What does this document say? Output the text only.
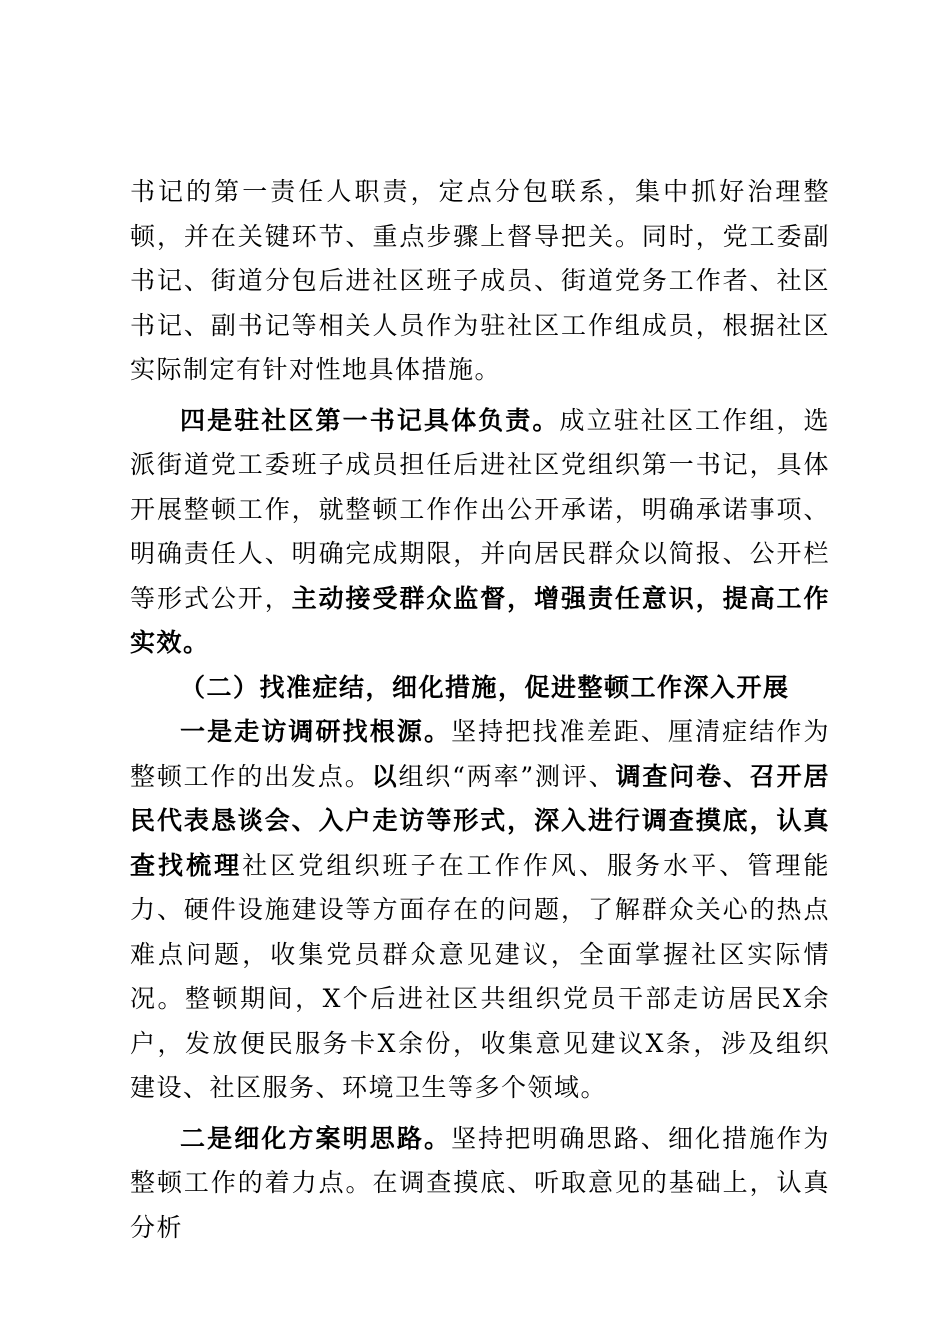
书记的第一责任人职责，定点分包联系，集中抓好治理整顿，并在关键环节、重点步骤上督导把关。同时，党工委副书记、街道分包后进社区班子成员、街道党务工作者、社区书记、副书记等相关人员作为驻社区工作组成员，根据社区实际制定有针对性地具体措施。

四是驻社区第一书记具体负责。成立驻社区工作组，选派街道党工委班子成员担任后进社区党组织第一书记，具体开展整顿工作，就整顿工作作出公开承诺，明确承诺事项、明确责任人、明确完成期限，并向居民群众以简报、公开栏等形式公开，主动接受群众监督，增强责任意识，提高工作实效。

（二）找准症结，细化措施，促进整顿工作深入开展

一是走访调研找根源。坚持把找准差距、厘清症结作为整顿工作的出发点。以组织“两率”测评、调查问卷、召开居民代表恳谈会、入户走访等形式，深入进行调查摸底，认真查找梳理社区党组织班子在工作作风、服务水平、管理能力、硬件设施建设等方面存在的问题，了解群众关心的热点难点问题，收集党员群众意见建议，全面掌握社区实际情况。整顿期间，X个后进社区共组织党员干部走访居民X余户，发放便民服务卡X余份，收集意见建议X条，涉及组织建设、社区服务、环境卫生等多个领域。

二是细化方案明思路。坚持把明确思路、细化措施作为整顿工作的着力点。在调查摸底、听取意见的基础上，认真分析
